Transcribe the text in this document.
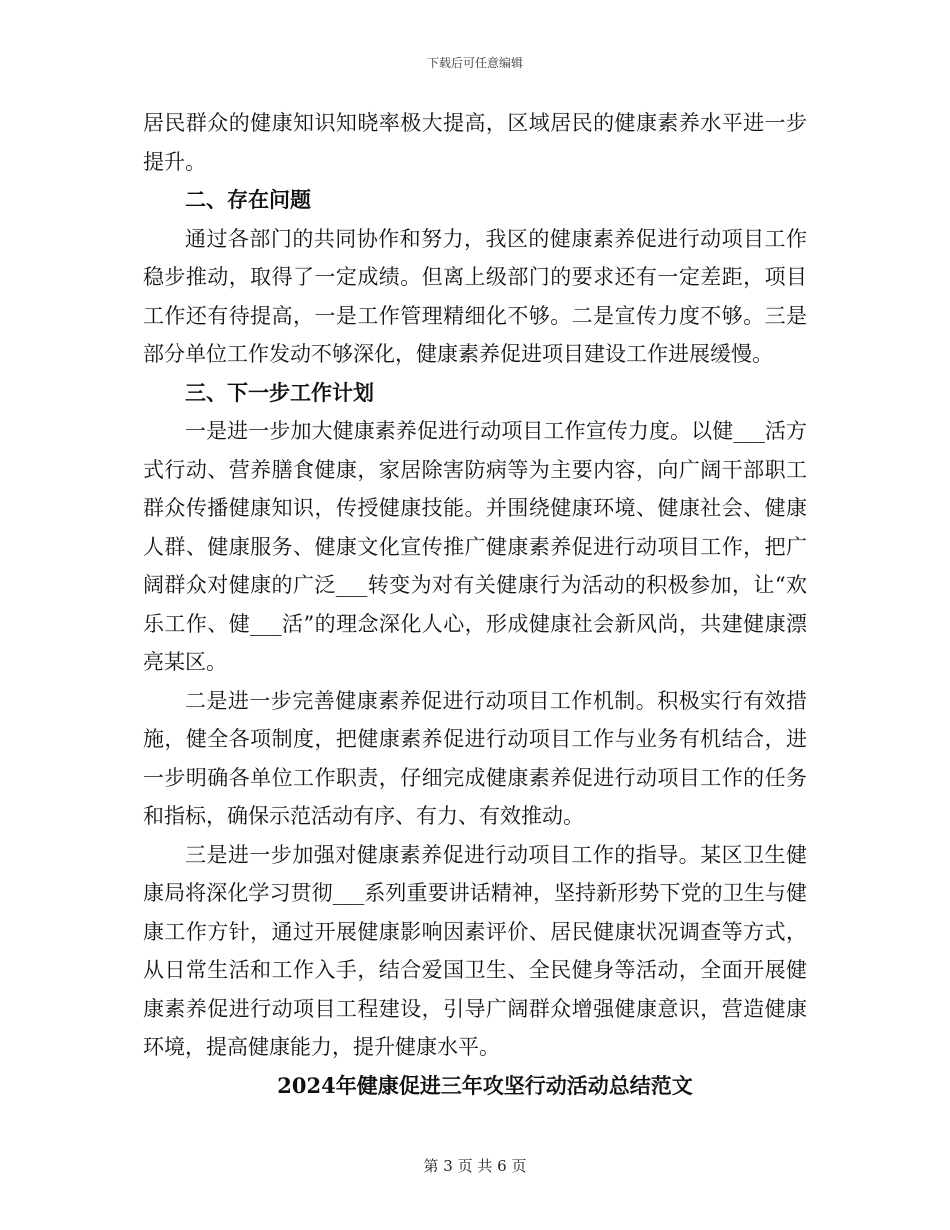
下载后可任意编辑

居民群众的健康知识知晓率极大提高，区域居民的健康素养水平进一步提升。

二、存在问题

通过各部门的共同协作和努力，我区的健康素养促进行动项目工作稳步推动，取得了一定成绩。但离上级部门的要求还有一定差距，项目工作还有待提高，一是工作管理精细化不够。二是宣传力度不够。三是部分单位工作发动不够深化，健康素养促进项目建设工作进展缓慢。

三、下一步工作计划

一是进一步加大健康素养促进行动项目工作宣传力度。以健___活方式行动、营养膳食健康，家居除害防病等为主要内容，向广阔干部职工群众传播健康知识，传授健康技能。并围绕健康环境、健康社会、健康人群、健康服务、健康文化宣传推广健康素养促进行动项目工作，把广阔群众对健康的广泛___转变为对有关健康行为活动的积极参加，让“欢乐工作、健___活”的理念深化人心，形成健康社会新风尚，共建健康漂亮某区。

二是进一步完善健康素养促进行动项目工作机制。积极实行有效措施，健全各项制度，把健康素养促进行动项目工作与业务有机结合，进一步明确各单位工作职责，仔细完成健康素养促进行动项目工作的任务和指标，确保示范活动有序、有力、有效推动。

三是进一步加强对健康素养促进行动项目工作的指导。某区卫生健康局将深化学习贯彻___系列重要讲话精神，坚持新形势下党的卫生与健康工作方针，通过开展健康影响因素评价、居民健康状况调查等方式，从日常生活和工作入手，结合爱国卫生、全民健身等活动，全面开展健康素养促进行动项目工程建设，引导广阔群众增强健康意识，营造健康环境，提高健康能力，提升健康水平。

2024年健康促进三年攻坚行动活动总结范文

第 3 页 共 6 页
